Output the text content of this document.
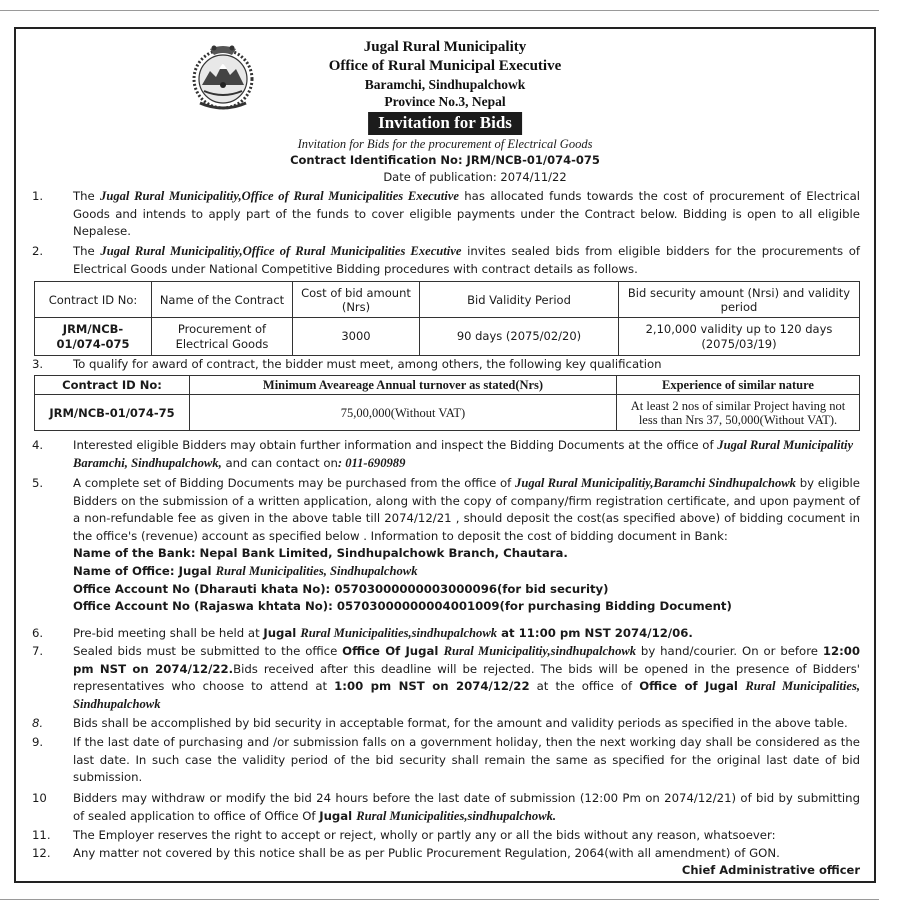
Jugal Rural Municipality
Office of Rural Municipal Executive
Baramchi, Sindhupalchowk
Province No.3, Nepal
Invitation for Bids
Invitation for Bids for the procurement of Electrical Goods
Contract Identification No: JRM/NCB-01/074-075
Date of publication: 2074/11/22
1.	The Jugal Rural Municipalitiy,Office of Rural Municipalities Executive has allocated funds towards the cost of procurement of Electrical Goods and intends to apply part of the funds to cover eligible payments under the Contract below. Bidding is open to all eligible Nepalese.
2.	The Jugal Rural Municipalitiy,Office of Rural Municipalities Executive invites sealed bids from eligible bidders for the procurements of Electrical Goods under National Competitive Bidding procedures with contract details as follows.
Contract ID No:	Name of the Contract	Cost of bid amount (Nrs)	Bid Validity Period	Bid security amount (Nrsi) and validity period
JRM/NCB-01/074-075	Procurement of Electrical Goods	3000	90 days (2075/02/20)	2,10,000 validity up to 120 days (2075/03/19)
3.	To qualify for award of contract, the bidder must meet, among others, the following key qualification
Contract ID No:	Minimum Aveareage Annual turnover as stated(Nrs)	Experience of similar nature
JRM/NCB-01/074-75	75,00,000(Without VAT)	At least 2 nos of similar Project having not less than Nrs 37, 50,000(Without VAT).
4.	Interested eligible Bidders may obtain further information and inspect the Bidding Documents at the office of Jugal Rural Municipalitiy Baramchi, Sindhupalchowk, and can contact on: 011-690989
5.	A complete set of Bidding Documents may be purchased from the office of Jugal Rural Municipalitiy,Baramchi Sindhupalchowk by eligible Bidders on the submission of a written application, along with the copy of company/firm registration certificate, and upon payment of a non-refundable fee as given in the above table till 2074/12/21 , should deposit the cost(as specified above) of bidding cocument in the office's (revenue) account as specified below . Information to deposit the cost of bidding document in Bank:
Name of the Bank: Nepal Bank Limited, Sindhupalchowk Branch, Chautara.
Name of Office: Jugal Rural Municipalities, Sindhupalchowk
Office Account No (Dharauti khata No): 05703000000003000096(for bid security)
Office Account No (Rajaswa khtata No): 05703000000004001009(for purchasing Bidding Document)
6.	Pre-bid meeting shall be held at Jugal Rural Municipalities,sindhupalchowk at 11:00 pm NST 2074/12/06.
7.	Sealed bids must be submitted to the office Office Of Jugal Rural Municipalitiy,sindhupalchowk by hand/courier. On or before 12:00 pm NST on 2074/12/22.Bids received after this deadline will be rejected. The bids will be opened in the presence of Bidders' representatives who choose to attend at 1:00 pm NST on 2074/12/22 at the office of Office of Jugal Rural Municipalities, Sindhupalchowk
8.	Bids shall be accomplished by bid security in acceptable format, for the amount and validity periods as specified in the above table.
9.	If the last date of purchasing and /or submission falls on a government holiday, then the next working day shall be considered as the last date. In such case the validity period of the bid security shall remain the same as specified for the original last date of bid submission.
10 Bidders may withdraw or modify the bid 24 hours before the last date of submission (12:00 Pm on 2074/12/21) of bid by submitting of sealed application to office of Office Of Jugal Rural Municipalities,sindhupalchowk.
11. The Employer reserves the right to accept or reject, wholly or partly any or all the bids without any reason, whatsoever:
12. Any matter not covered by this notice shall be as per Public Procurement Regulation, 2064(with all amendment) of GON.
Chief Administrative officer
